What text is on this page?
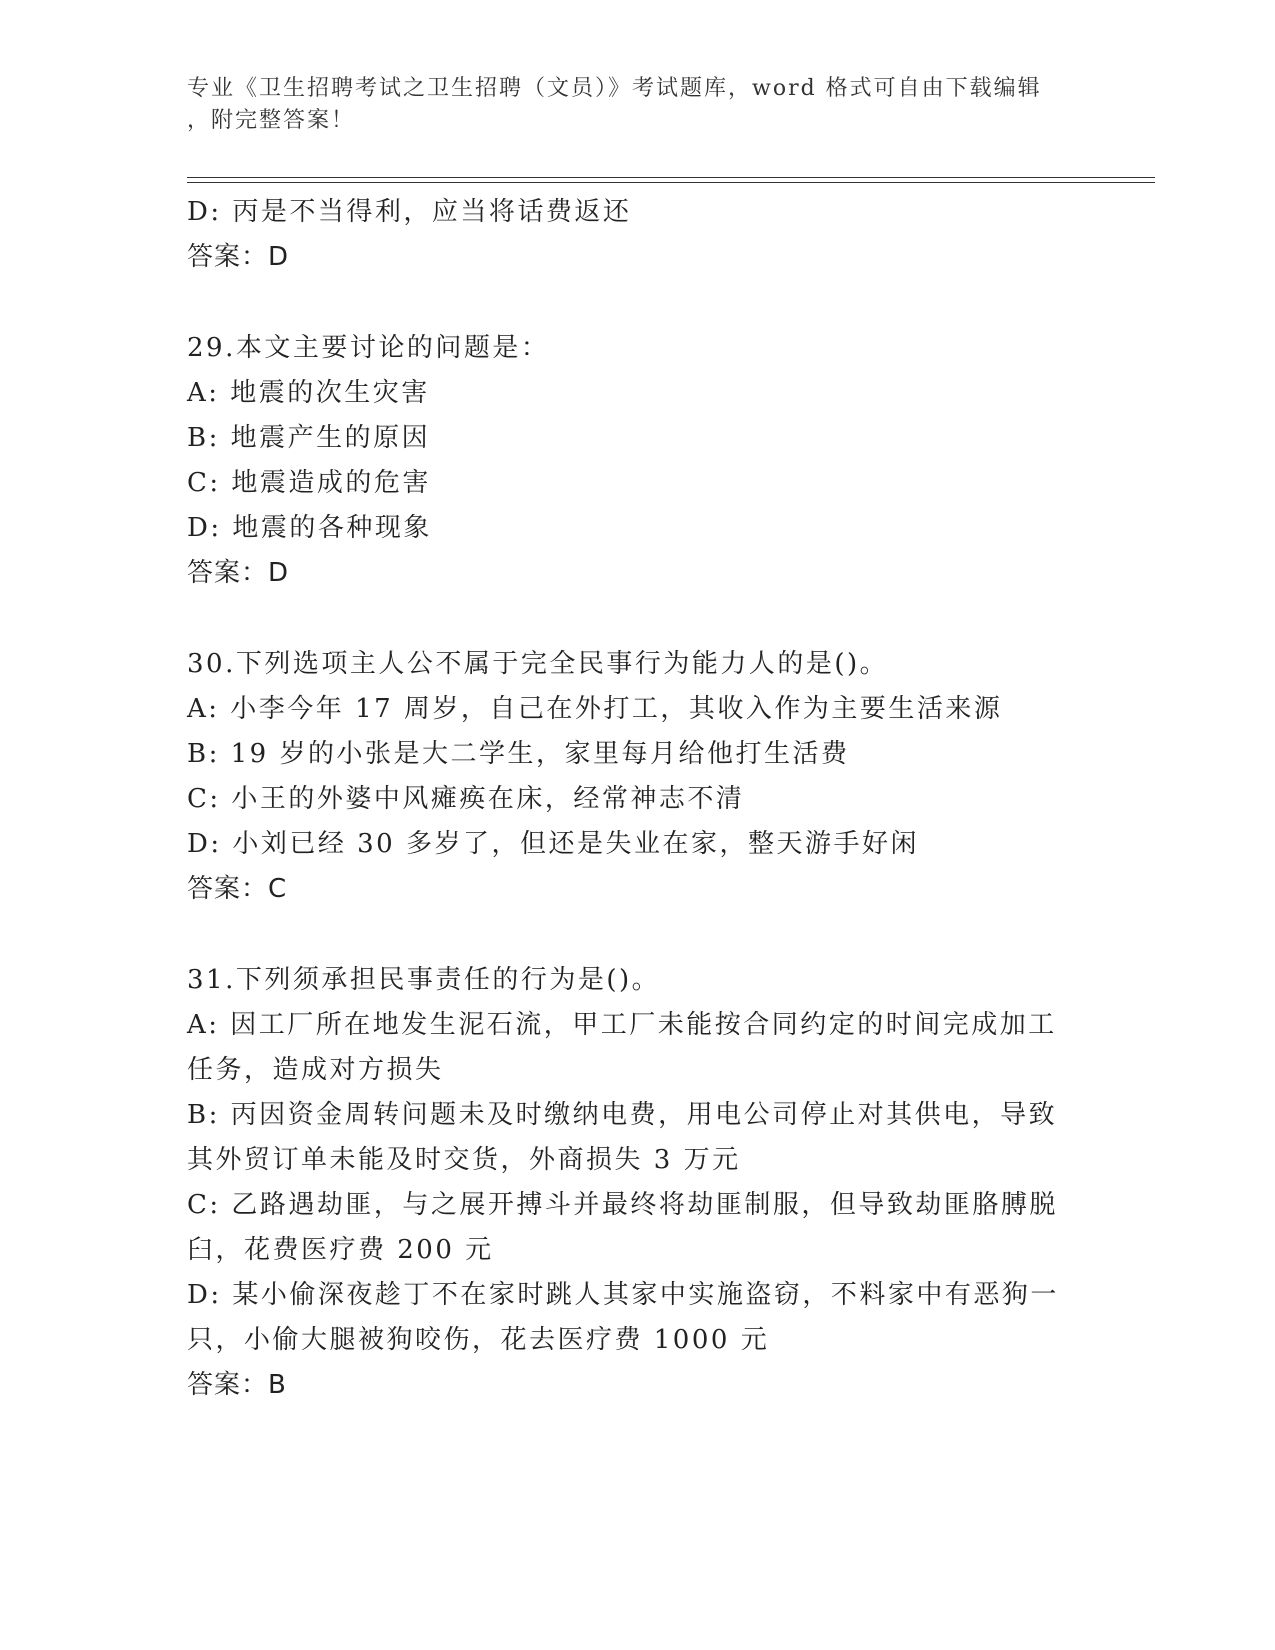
专业《卫生招聘考试之卫生招聘（文员）》考试题库，word 格式可自由下载编辑
，附完整答案！
D: 丙是不当得利，应当将话费返还
答案：D
29.本文主要讨论的问题是：
A: 地震的次生灾害
B: 地震产生的原因
C: 地震造成的危害
D: 地震的各种现象
答案：D
30.下列选项主人公不属于完全民事行为能力人的是()。
A: 小李今年 17 周岁，自己在外打工，其收入作为主要生活来源
B: 19 岁的小张是大二学生，家里每月给他打生活费
C: 小王的外婆中风瘫痪在床，经常神志不清
D: 小刘已经 30 多岁了，但还是失业在家，整天游手好闲
答案：C
31.下列须承担民事责任的行为是()。
A: 因工厂所在地发生泥石流，甲工厂未能按合同约定的时间完成加工
任务，造成对方损失
B: 丙因资金周转问题未及时缴纳电费，用电公司停止对其供电，导致
其外贸订单未能及时交货，外商损失 3 万元
C: 乙路遇劫匪，与之展开搏斗并最终将劫匪制服，但导致劫匪胳膊脱
臼，花费医疗费 200 元
D: 某小偷深夜趁丁不在家时跳人其家中实施盗窃，不料家中有恶狗一
只，小偷大腿被狗咬伤，花去医疗费 1000 元
答案：B
